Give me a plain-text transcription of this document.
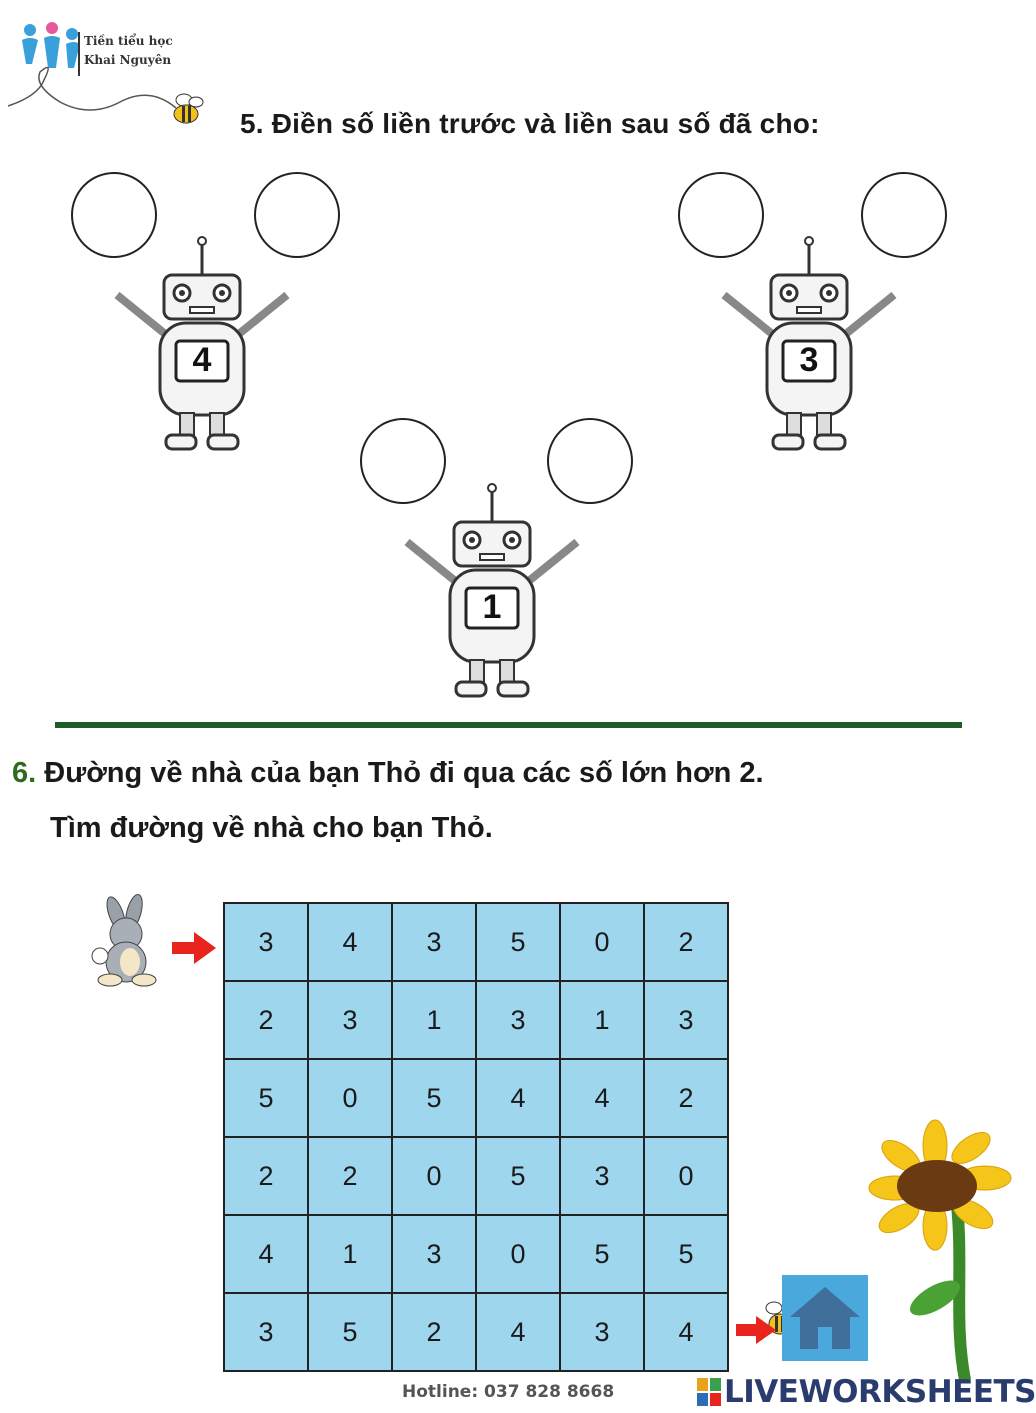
Tiền tiểu học
Khai Nguyên
5. Điền số liền trước và liền sau số đã cho:
4	3
1
6. Đường về nhà của bạn Thỏ đi qua các số lớn hơn 2.
Tìm đường về nhà cho bạn Thỏ.
3	4	3	5	0	2
2	3	1	3	1	3
5	0	5	4	4	2
2	2	0	5	3	0
4	1	3	0	5	5
3	5	2	4	3	4
Hotline: 037 828 8668	LIVEWORKSHEETS
